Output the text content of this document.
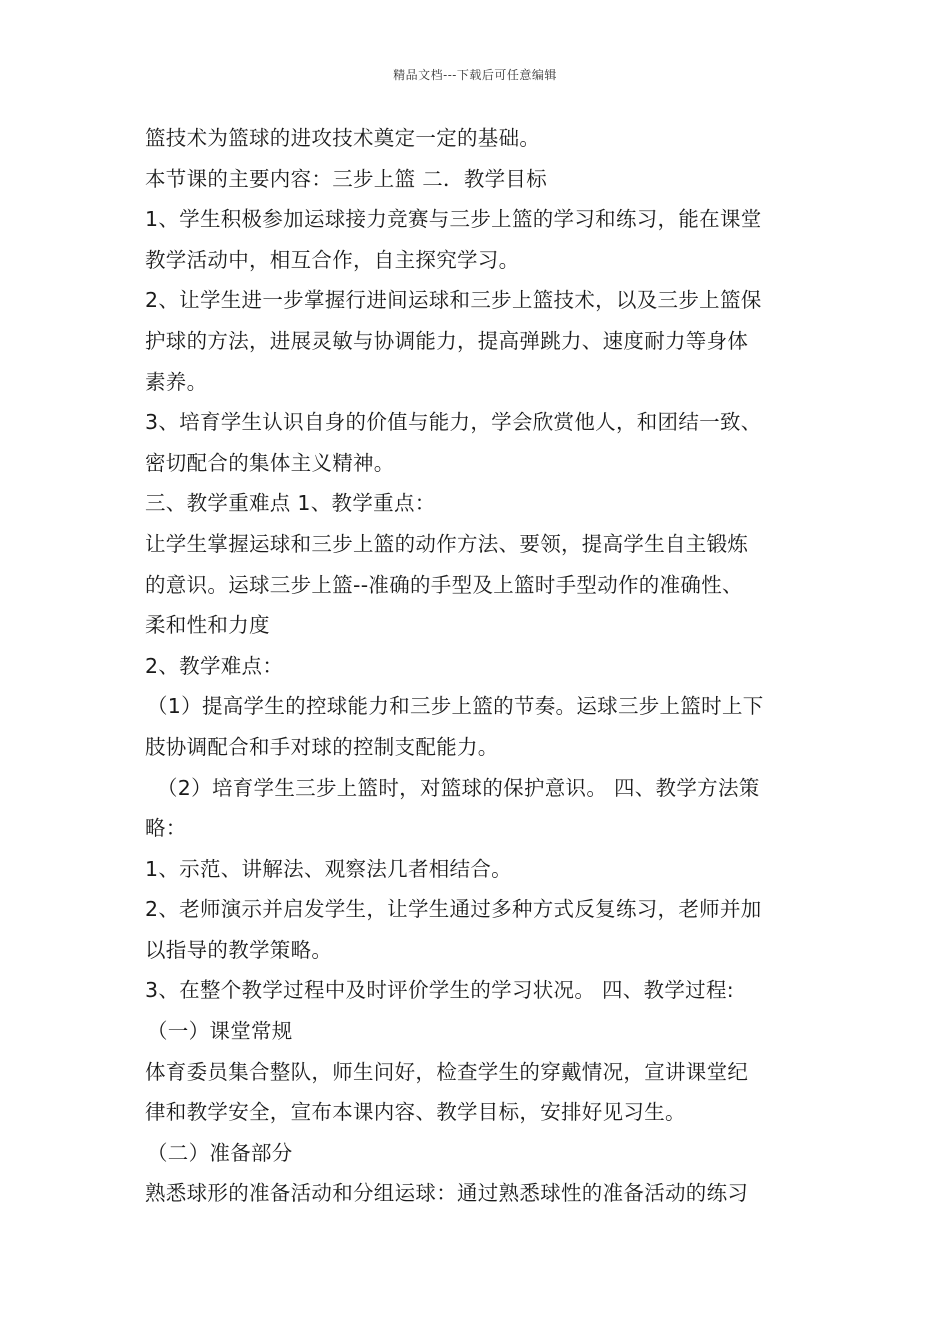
精品文档---下载后可任意编辑
篮技术为篮球的进攻技术奠定一定的基础。
本节课的主要内容：三步上篮 二．教学目标
1、学生积极参加运球接力竞赛与三步上篮的学习和练习，能在课堂
教学活动中，相互合作，自主探究学习。
2、让学生进一步掌握行进间运球和三步上篮技术，以及三步上篮保
护球的方法，进展灵敏与协调能力，提高弹跳力、速度耐力等身体
素养。
3、培育学生认识自身的价值与能力，学会欣赏他人，和团结一致、
密切配合的集体主义精神。
三、教学重难点 1、教学重点：
让学生掌握运球和三步上篮的动作方法、要领，提高学生自主锻炼
的意识。运球三步上篮--准确的手型及上篮时手型动作的准确性、
柔和性和力度
2、教学难点：
（1）提高学生的控球能力和三步上篮的节奏。运球三步上篮时上下
肢协调配合和手对球的控制支配能力。
（2）培育学生三步上篮时，对篮球的保护意识。 四、教学方法策
略：
1、示范、讲解法、观察法几者相结合。
2、老师演示并启发学生，让学生通过多种方式反复练习，老师并加
以指导的教学策略。
3、在整个教学过程中及时评价学生的学习状况。 四、教学过程:
（一）课堂常规
体育委员集合整队，师生问好，检查学生的穿戴情况，宣讲课堂纪
律和教学安全，宣布本课内容、教学目标，安排好见习生。
（二）准备部分
熟悉球形的准备活动和分组运球：通过熟悉球性的准备活动的练习
